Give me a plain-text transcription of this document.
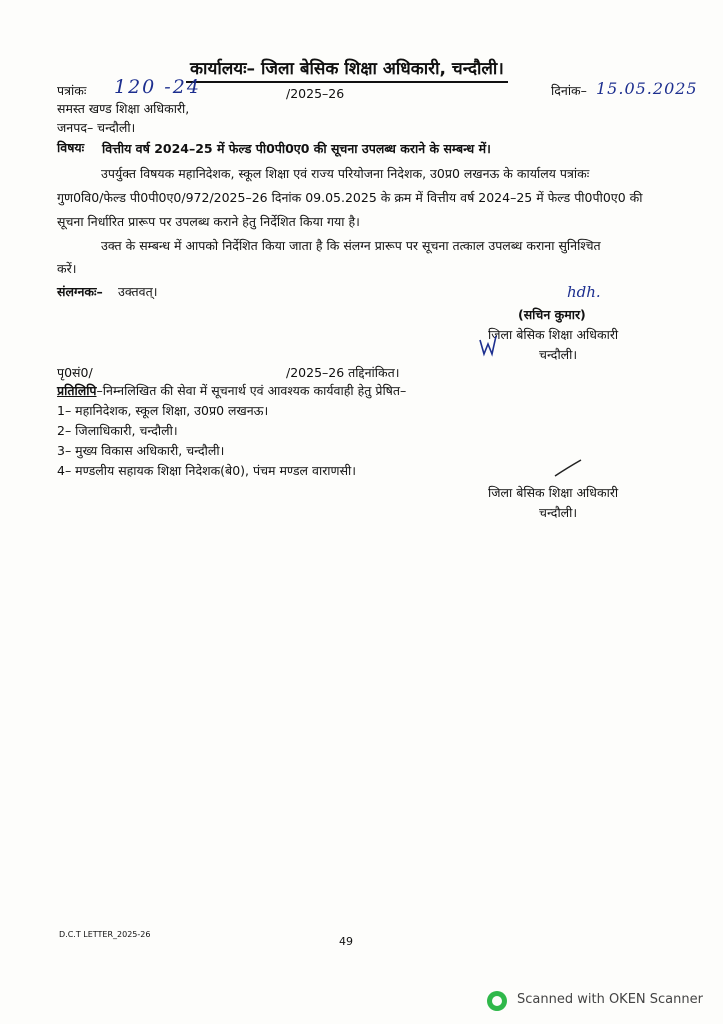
कार्यालयः– जिला बेसिक शिक्षा अधिकारी, चन्दौली।
पत्रांकः 120 -24	/2025–26	दिनांक– 15.05.2025
समस्त खण्ड शिक्षा अधिकारी,
जनपद– चन्दौली।
विषयः वित्तीय वर्ष 2024–25 में फेल्ड पी0पी0ए0 की सूचना उपलब्ध कराने के सम्बन्ध में।
उपर्युक्त विषयक महानिदेशक, स्कूल शिक्षा एवं राज्य परियोजना निदेशक, उ0प्र0 लखनऊ के कार्यालय पत्रांकः
गुण0वि0/फेल्ड पी0पी0ए0/972/2025–26 दिनांक 09.05.2025 के क्रम में वित्तीय वर्ष 2024–25 में फेल्ड पी0पी0ए0 की
सूचना निर्धारित प्रारूप पर उपलब्ध कराने हेतु निर्देशित किया गया है।
उक्त के सम्बन्ध में आपको निर्देशित किया जाता है कि संलग्न प्रारूप पर सूचना तत्काल उपलब्ध कराना सुनिश्चित
करें।
संलग्नकः– उक्तवत्।	hdh.
(सचिन कुमार)
जिला बेसिक शिक्षा अधिकारी
चन्दौली।
पृ0सं0/	/2025–26 तद्दिनांकित।
प्रतिलिपि–निम्नलिखित की सेवा में सूचनार्थ एवं आवश्यक कार्यवाही हेतु प्रेषित–
1– महानिदेशक, स्कूल शिक्षा, उ0प्र0 लखनऊ।
2– जिलाधिकारी, चन्दौली।
3– मुख्य विकास अधिकारी, चन्दौली।
4– मण्डलीय सहायक शिक्षा निदेशक(बे0), पंचम मण्डल वाराणसी।
जिला बेसिक शिक्षा अधिकारी
चन्दौली।
D.C.T LETTER_2025-26
49
Scanned with OKEN Scanner
